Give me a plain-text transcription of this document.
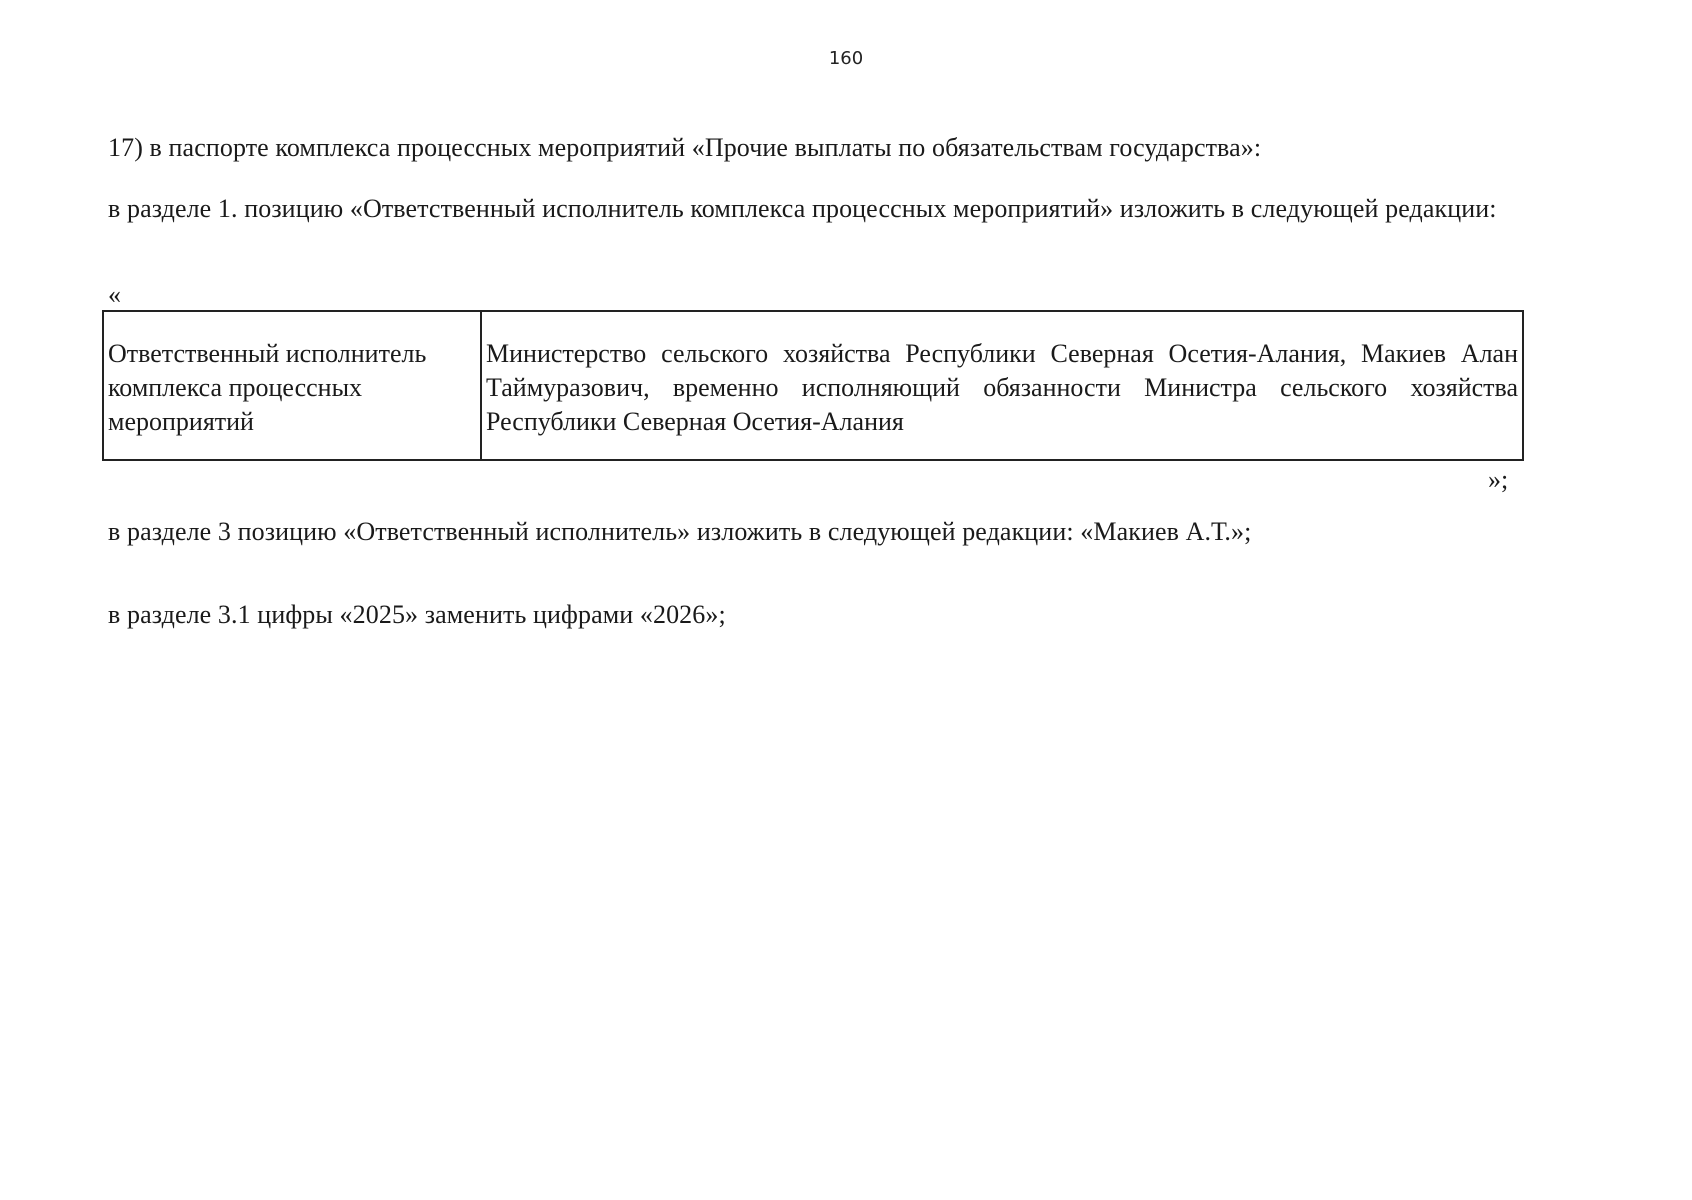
160
17) в паспорте комплекса процессных мероприятий «Прочие выплаты по обязательствам государства»:
в разделе 1. позицию «Ответственный исполнитель комплекса процессных мероприятий» изложить в следующей редакции:
«
Ответственный исполнитель комплекса процессных мероприятий
Министерство сельского хозяйства Республики Северная Осетия-Алания, Макиев Алан Таймуразович, временно исполняющий обязанности Министра сельского хозяйства Республики Северная Осетия-Алания
»;
в разделе 3 позицию «Ответственный исполнитель» изложить в следующей редакции: «Макиев А.Т.»;
в разделе 3.1 цифры «2025» заменить цифрами «2026»;
